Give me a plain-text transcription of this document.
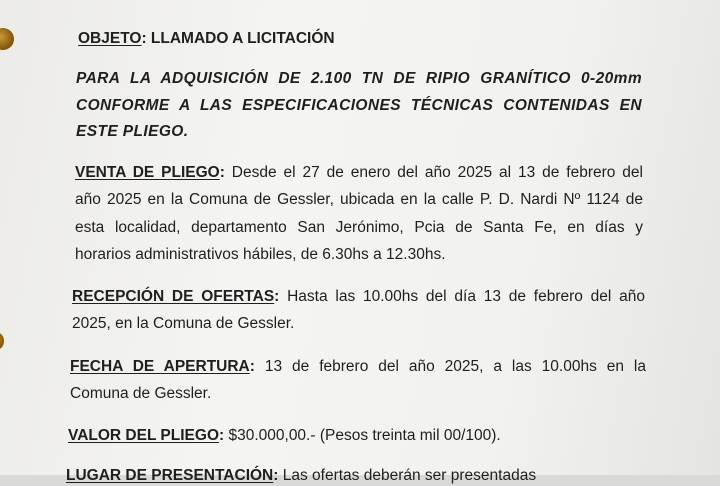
OBJETO: LLAMADO A LICITACIÓN
PARA LA ADQUISICIÓN DE 2.100 TN DE RIPIO GRANÍTICO 0-20mm
CONFORME A LAS ESPECIFICACIONES TÉCNICAS CONTENIDAS EN
ESTE PLIEGO.
VENTA DE PLIEGO: Desde el 27 de enero del año 2025 al 13 de febrero del
año 2025 en la Comuna de Gessler, ubicada en la calle P. D. Nardi Nº 1124 de
esta localidad, departamento San Jerónimo, Pcia de Santa Fe, en días y
horarios administrativos hábiles, de 6.30hs a 12.30hs.
RECEPCIÓN DE OFERTAS: Hasta las 10.00hs del día 13 de febrero del año
2025, en la Comuna de Gessler.
FECHA DE APERTURA: 13 de febrero del año 2025, a las 10.00hs en la
Comuna de Gessler.
VALOR DEL PLIEGO: $30.000,00.- (Pesos treinta mil 00/100).
LUGAR DE PRESENTACIÓN: Las ofertas deberán ser presentadas
